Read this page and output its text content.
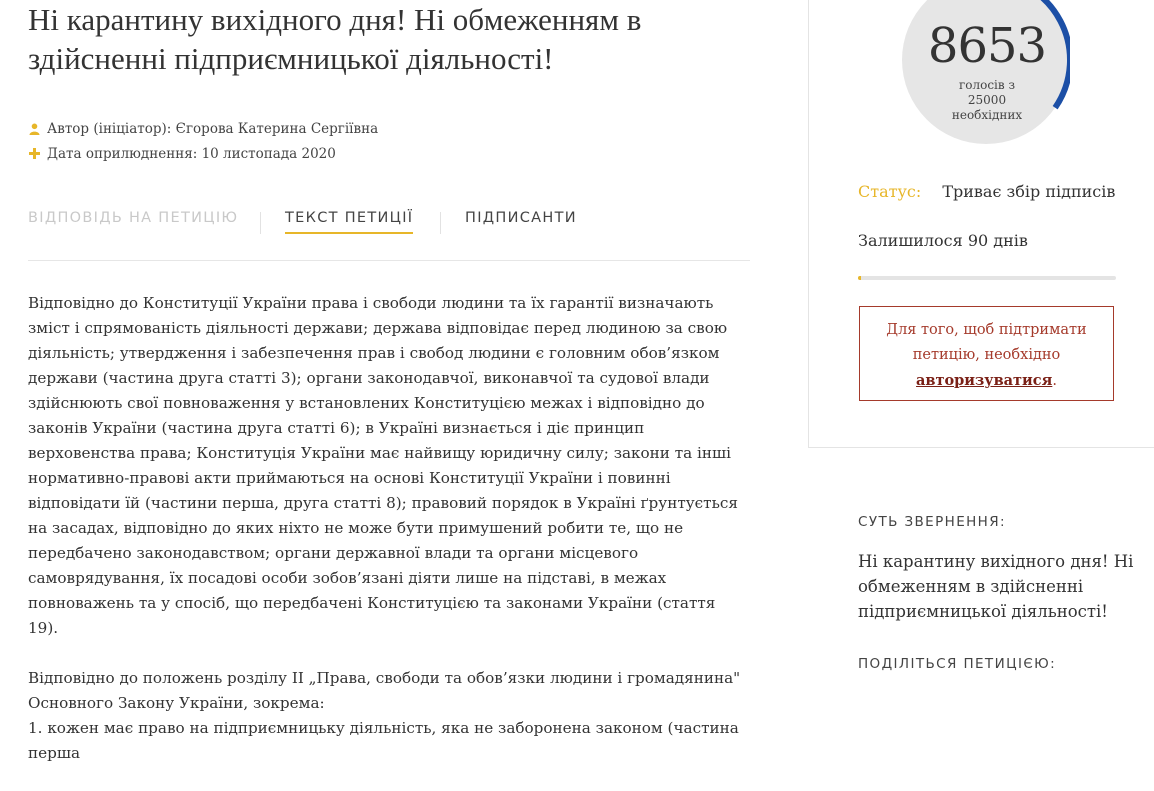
Ні карантину вихідного дня! Ні обмеженням в здійсненні підприємницької діяльності!
Автор (ініціатор): Єгорова Катерина Сергіївна
Дата оприлюднення: 10 листопада 2020
ВІДПОВІДЬ НА ПЕТИЦІЮ	ТЕКСТ ПЕТИЦІЇ	ПІДПИСАНТИ

Відповідно до Конституції України права і свободи людини та їх гарантії визначають зміст і спрямованість діяльності держави; держава відповідає перед людиною за свою діяльність; утвердження і забезпечення прав і свобод людини є головним обов’язком держави (частина друга статті 3); органи законодавчої, виконавчої та судової влади здійснюють свої повноваження у встановлених Конституцією межах і відповідно до законів України (частина друга статті 6); в Україні визнається і діє принцип верховенства права; Конституція України має найвищу юридичну силу; закони та інші нормативно-правові акти приймаються на основі Конституції України і повинні відповідати їй (частини перша, друга статті 8); правовий порядок в Україні ґрунтується на засадах, відповідно до яких ніхто не може бути примушений робити те, що не передбачено законодавством; органи державної влади та органи місцевого самоврядування, їх посадові особи зобов’язані діяти лише на підставі, в межах повноважень та у спосіб, що передбачені Конституцією та законами України (стаття 19).

Відповідно до положень розділу ІІ „Права, свободи та обов’язки людини і громадянина" Основного Закону України, зокрема:

1. кожен має право на підприємницьку діяльність, яка не заборонена законом (частина перша

8653
голосів з 25000 необхідних
Статус: Триває збір підписів
Залишилося 90 днів
Для того, щоб підтримати петицію, необхідно
авторизуватися.
СУТЬ ЗВЕРНЕННЯ:
Ні карантину вихідного дня! Ні обмеженням в здійсненні підприємницької діяльності!
ПОДІЛІТЬСЯ ПЕТИЦІЄЮ:
